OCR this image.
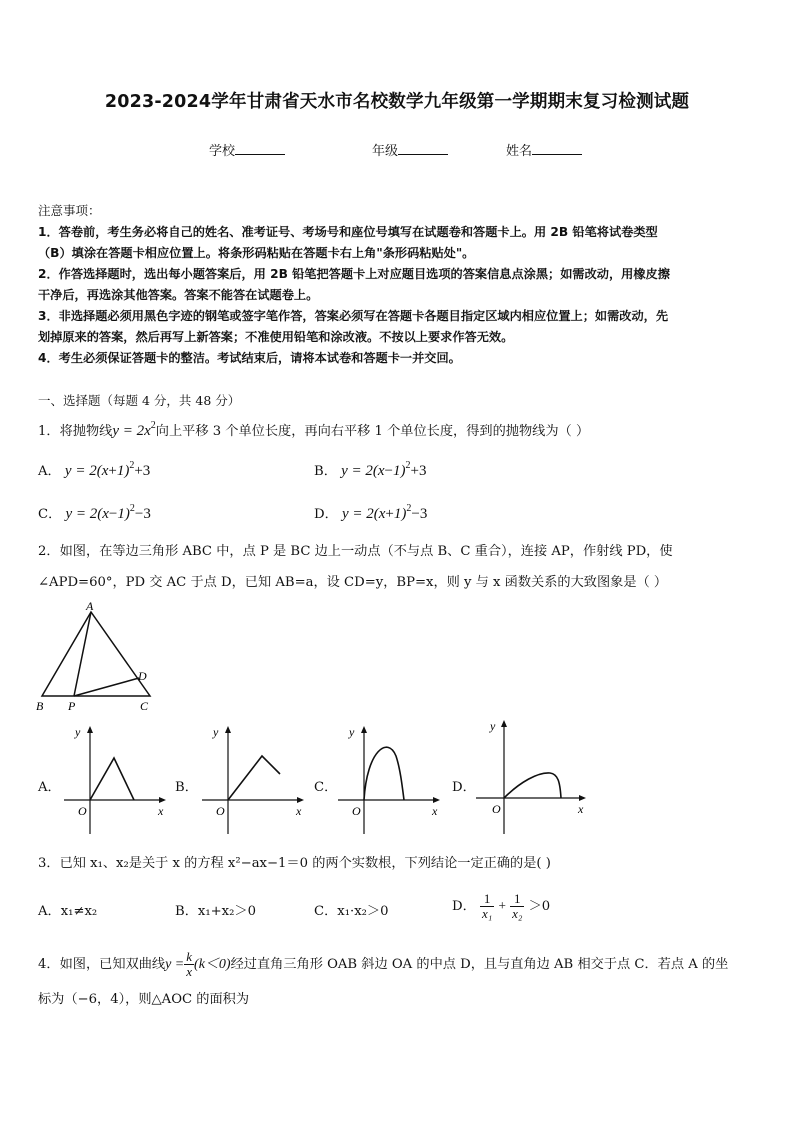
2023-2024学年甘肃省天水市名校数学九年级第一学期期末复习检测试题
学校	年级	姓名
注意事项：
1．答卷前，考生务必将自己的姓名、准考证号、考场号和座位号填写在试题卷和答题卡上。用 2B 铅笔将试卷类型
（B）填涂在答题卡相应位置上。将条形码粘贴在答题卡右上角"条形码粘贴处"。
2．作答选择题时，选出每小题答案后，用 2B 铅笔把答题卡上对应题目选项的答案信息点涂黑；如需改动，用橡皮擦
干净后，再选涂其他答案。答案不能答在试题卷上。
3．非选择题必须用黑色字迹的钢笔或签字笔作答，答案必须写在答题卡各题目指定区域内相应位置上；如需改动，先
划掉原来的答案，然后再写上新答案；不准使用铅笔和涂改液。不按以上要求作答无效。
4．考生必须保证答题卡的整洁。考试结束后，请将本试卷和答题卡一并交回。
一、选择题（每题 4 分，共 48 分）
1．将抛物线$y = 2x^2$向上平移 3 个单位长度，再向右平移 1 个单位长度，得到的抛物线为（ ）
A． $y = 2(x+1)^2+3$	B． $y = 2(x-1)^2+3$
C． $y = 2(x-1)^2-3$	D． $y = 2(x+1)^2-3$
2．如图，在等边三角形 ABC 中，点 P 是 BC 边上一动点（不与点 B、C 重合），连接 AP，作射线 PD，使
∠APD=60°，PD 交 AC 于点 D，已知 AB=a，设 CD=y，BP=x，则 y 与 x 函数关系的大致图象是（ ）
A
B P	C
D
A．
y
x
O
B．
y
x
O
C．
y
x
O
D．
y
x
O
3．已知 x₁、x₂是关于 x 的方程 x²−ax−1＝0 的两个实数根，下列结论一定正确的是( )
A．x₁≠x₂	B．x₁+x₂＞0	C．x₁·x₂＞0	D． $\frac{1}{\text{x₁}} + \frac{1}{\text{x₂}} >0$
4．如图，已知双曲线$y = \frac{k}{x} (k<0)$经过直角三角形 OAB 斜边 OA 的中点 D，且与直角边 AB 相交于点 C．若点 A 的坐
标为（−6，4），则△AOC 的面积为
